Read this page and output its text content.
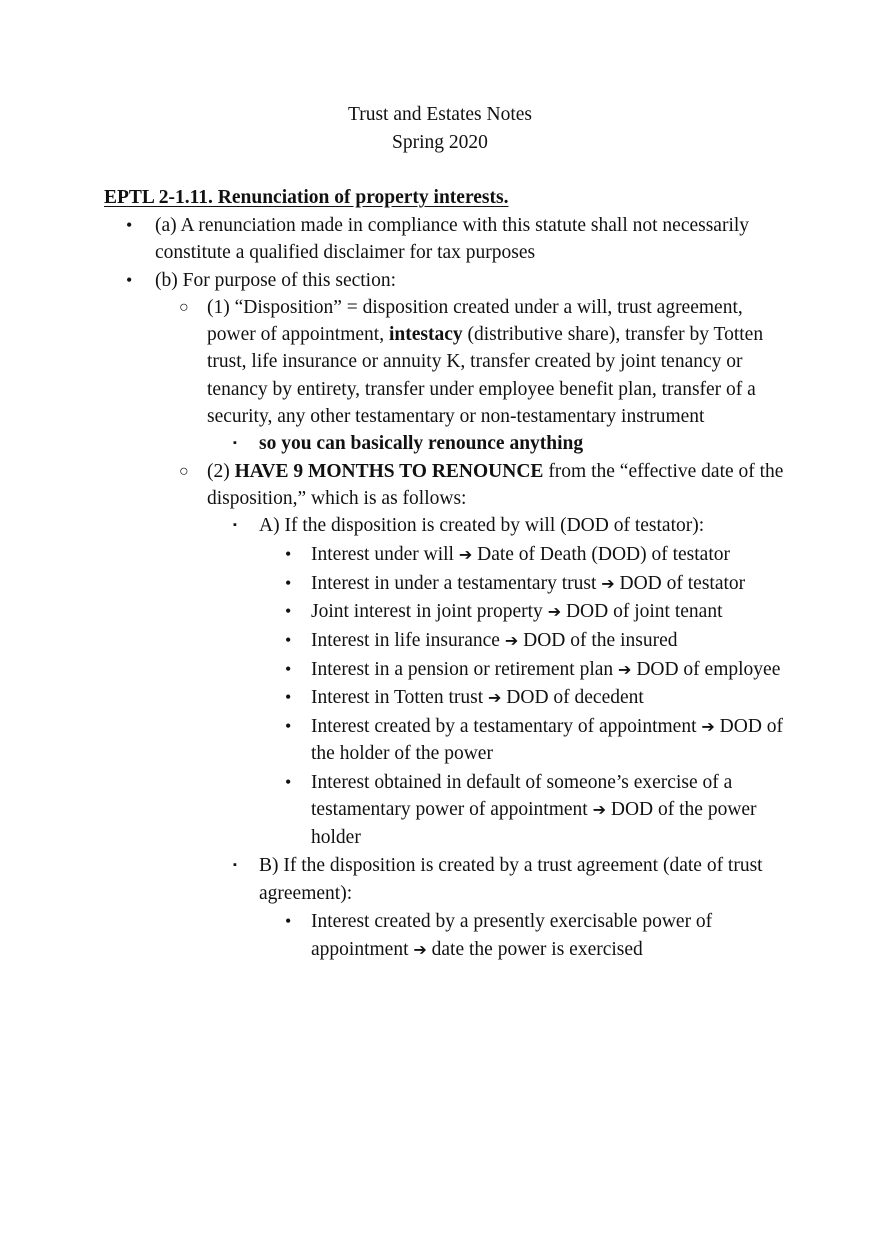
Trust and Estates Notes
Spring 2020
EPTL 2-1.11. Renunciation of property interests.
• (a) A renunciation made in compliance with this statute shall not necessarily constitute a qualified disclaimer for tax purposes
• (b) For purpose of this section:
○ (1) “Disposition” = disposition created under a will, trust agreement, power of appointment, intestacy (distributive share), transfer by Totten trust, life insurance or annuity K, transfer created by joint tenancy or tenancy by entirety, transfer under employee benefit plan, transfer of a security, any other testamentary or non-testamentary instrument
▪ so you can basically renounce anything
○ (2) HAVE 9 MONTHS TO RENOUNCE from the “effective date of the disposition,” which is as follows:
▪ A) If the disposition is created by will (DOD of testator):
• Interest under will ➔ Date of Death (DOD) of testator
• Interest in under a testamentary trust ➔ DOD of testator
• Joint interest in joint property ➔ DOD of joint tenant
• Interest in life insurance ➔ DOD of the insured
• Interest in a pension or retirement plan ➔ DOD of employee
• Interest in Totten trust ➔ DOD of decedent
• Interest created by a testamentary of appointment ➔ DOD of the holder of the power
• Interest obtained in default of someone’s exercise of a testamentary power of appointment ➔ DOD of the power holder
▪ B) If the disposition is created by a trust agreement (date of trust agreement):
• Interest created by a presently exercisable power of appointment ➔ date the power is exercised
